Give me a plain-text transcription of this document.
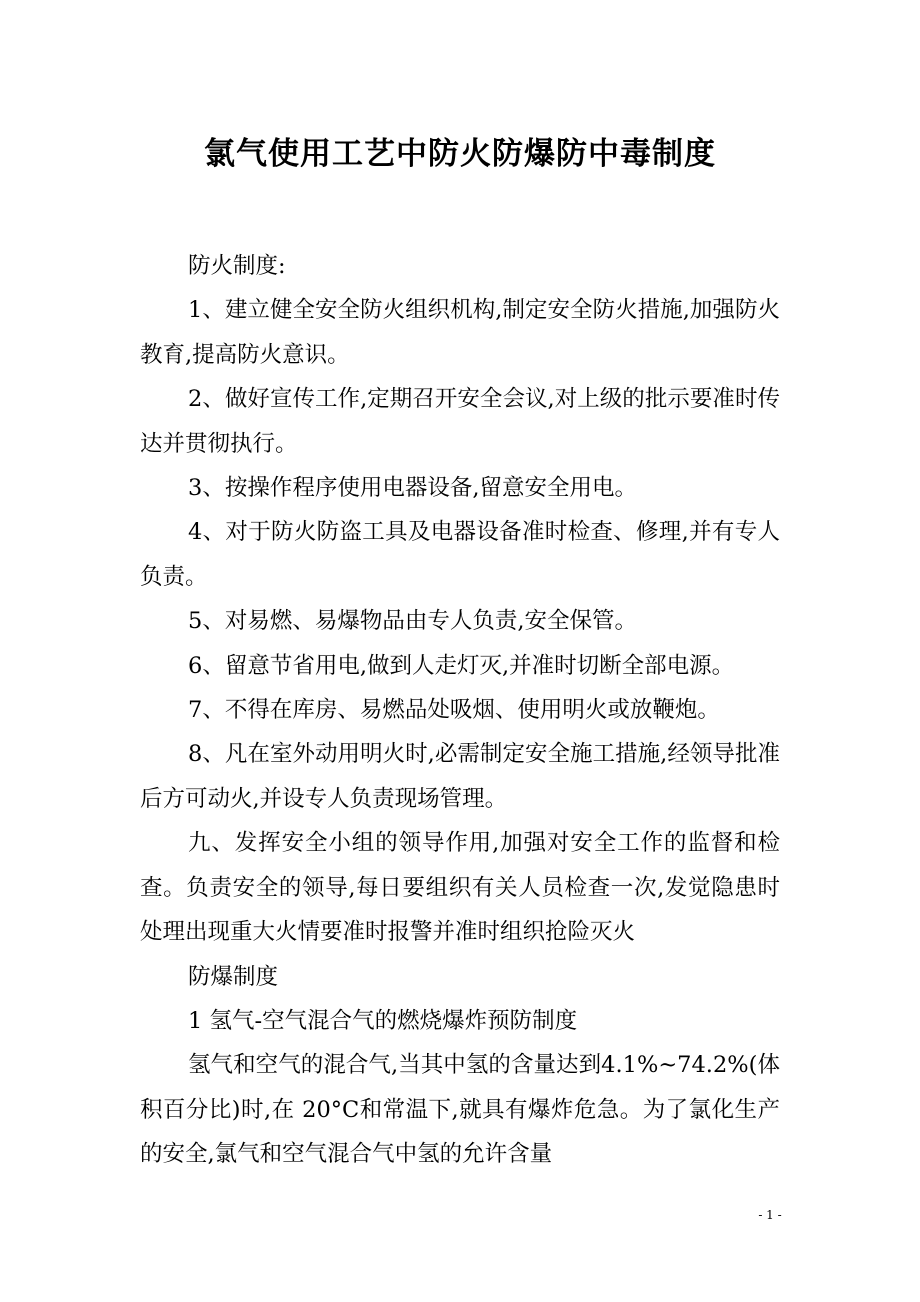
氯气使用工艺中防火防爆防中毒制度

防火制度:

1、建立健全安全防火组织机构,制定安全防火措施,加强防火教育,提高防火意识。

2、做好宣传工作,定期召开安全会议,对上级的批示要准时传达并贯彻执行。

3、按操作程序使用电器设备,留意安全用电。

4、对于防火防盗工具及电器设备准时检查、修理,并有专人负责。

5、对易燃、易爆物品由专人负责,安全保管。

6、留意节省用电,做到人走灯灭,并准时切断全部电源。

7、不得在库房、易燃品处吸烟、使用明火或放鞭炮。

8、凡在室外动用明火时,必需制定安全施工措施,经领导批准后方可动火,并设专人负责现场管理。

九、发挥安全小组的领导作用,加强对安全工作的监督和检查。负责安全的领导,每日要组织有关人员检查一次,发觉隐患时处理出现重大火情要准时报警并准时组织抢险灭火

防爆制度

1 氢气-空气混合气的燃烧爆炸预防制度

氢气和空气的混合气,当其中氢的含量达到4.1%~74.2%(体积百分比)时,在 20°C和常温下,就具有爆炸危急。为了氯化生产的安全,氯气和空气混合气中氢的允许含量

- 1 -
